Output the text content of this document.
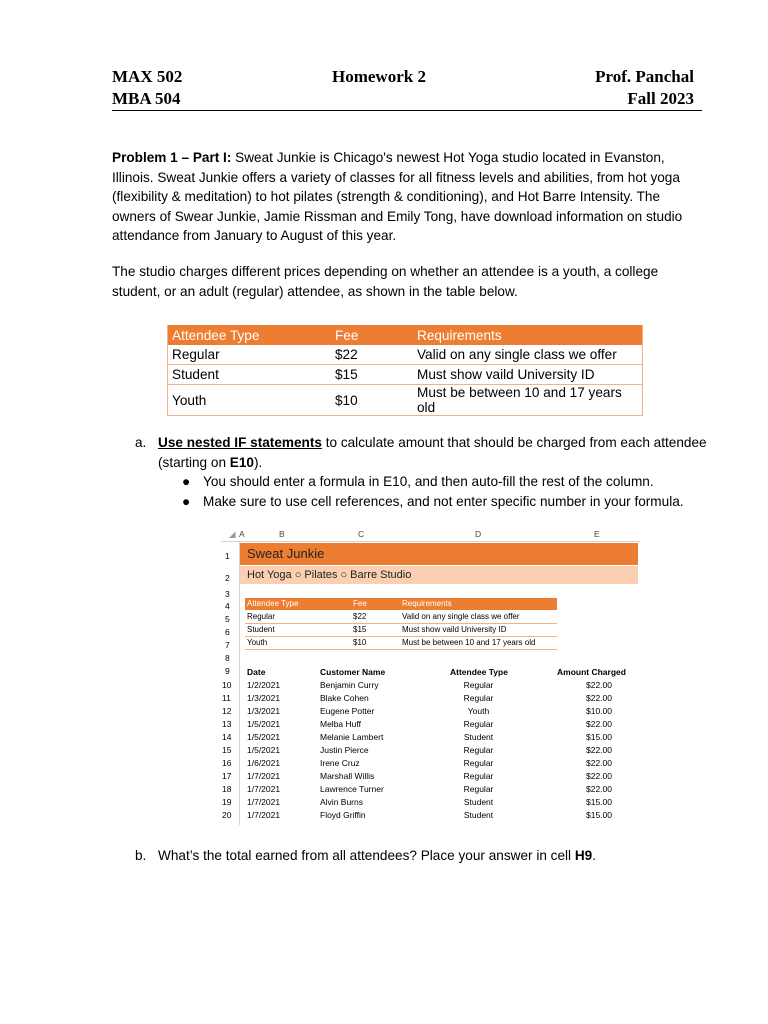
MAX 502	Homework 2	Prof. Panchal
MBA 504	Fall 2023
Problem 1 – Part I: Sweat Junkie is Chicago's newest Hot Yoga studio located in Evanston, Illinois. Sweat Junkie offers a variety of classes for all fitness levels and abilities, from hot yoga (flexibility & meditation) to hot pilates (strength & conditioning), and Hot Barre Intensity. The owners of Swear Junkie, Jamie Rissman and Emily Tong, have download information on studio attendance from January to August of this year.
The studio charges different prices depending on whether an attendee is a youth, a college student, or an adult (regular) attendee, as shown in the table below.
Attendee Type	Fee	Requirements
Regular	$22	Valid on any single class we offer
Student	$15	Must show vaild University ID
Youth	$10	Must be between 10 and 17 years old
a. Use nested IF statements to calculate amount that should be charged from each attendee (starting on E10).
● You should enter a formula in E10, and then auto-fill the rest of the column.
● Make sure to use cell references, and not enter specific number in your formula.
◢ A	B	C	D	E
Sweat Junkie
Hot Yoga ○ Pilates ○ Barre Studio
1
2
3
4
5
6
7
8
9
10
11
12
13
14
15
16
17
18
19
20
Attendee Type	Fee	Requirements
Regular	$22	Valid on any single class we offer
Student	$15	Must show vaild University ID
Youth	$10	Must be between 10 and 17 years old
Date	Customer Name	Attendee Type	Amount Charged
1/2/2021	Benjamin Curry	Regular	$22.00
1/3/2021	Blake Cohen	Regular	$22.00
1/3/2021	Eugene Potter	Youth	$10.00
1/5/2021	Melba Huff	Regular	$22.00
1/5/2021	Melanie Lambert	Student	$15.00
1/5/2021	Justin Pierce	Regular	$22.00
1/6/2021	Irene Cruz	Regular	$22.00
1/7/2021	Marshall Willis	Regular	$22.00
1/7/2021	Lawrence Turner	Regular	$22.00
1/7/2021	Alvin Burns	Student	$15.00
1/7/2021	Floyd Griffin	Student	$15.00
b. What’s the total earned from all attendees? Place your answer in cell H9.
